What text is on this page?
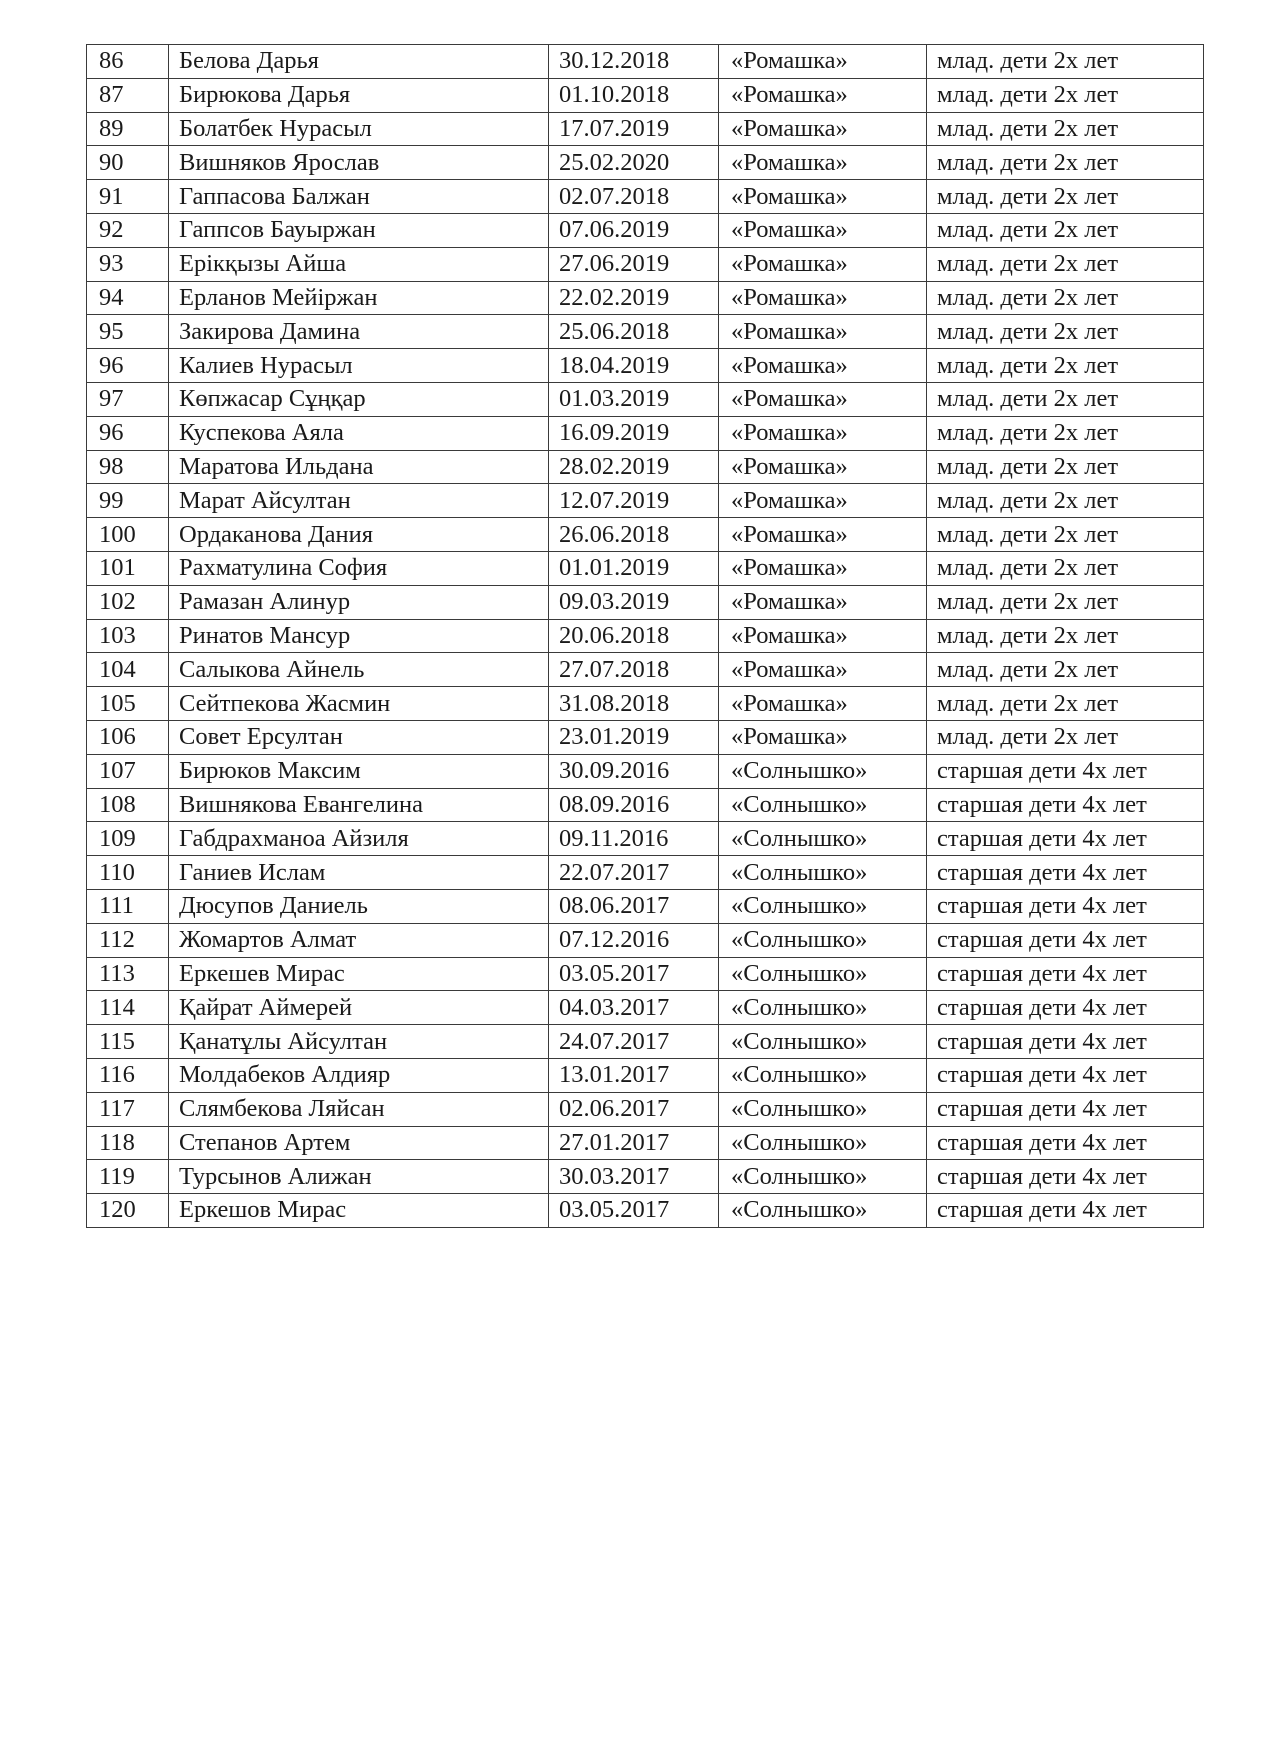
86	Белова Дарья	30.12.2018	«Ромашка»	млад. дети 2х лет
87	Бирюкова Дарья	01.10.2018	«Ромашка»	млад. дети 2х лет
89	Болатбек Нурасыл	17.07.2019	«Ромашка»	млад. дети 2х лет
90	Вишняков Ярослав	25.02.2020	«Ромашка»	млад. дети 2х лет
91	Гаппасова Балжан	02.07.2018	«Ромашка»	млад. дети 2х лет
92	Гаппсов Бауыржан	07.06.2019	«Ромашка»	млад. дети 2х лет
93	Ерікқызы Айша	27.06.2019	«Ромашка»	млад. дети 2х лет
94	Ерланов Мейіржан	22.02.2019	«Ромашка»	млад. дети 2х лет
95	Закирова Дамина	25.06.2018	«Ромашка»	млад. дети 2х лет
96	Калиев Нурасыл	18.04.2019	«Ромашка»	млад. дети 2х лет
97	Көпжасар Сұңқар	01.03.2019	«Ромашка»	млад. дети 2х лет
96	Куспекова Аяла	16.09.2019	«Ромашка»	млад. дети 2х лет
98	Маратова Ильдана	28.02.2019	«Ромашка»	млад. дети 2х лет
99	Марат Айсултан	12.07.2019	«Ромашка»	млад. дети 2х лет
100	Ордаканова Дания	26.06.2018	«Ромашка»	млад. дети 2х лет
101	Рахматулина София	01.01.2019	«Ромашка»	млад. дети 2х лет
102	Рамазан Алинур	09.03.2019	«Ромашка»	млад. дети 2х лет
103	Ринатов Мансур	20.06.2018	«Ромашка»	млад. дети 2х лет
104	Салыкова Айнель	27.07.2018	«Ромашка»	млад. дети 2х лет
105	Сейтпекова Жасмин	31.08.2018	«Ромашка»	млад. дети 2х лет
106	Совет Ерсултан	23.01.2019	«Ромашка»	млад. дети 2х лет
107	Бирюков Максим	30.09.2016	«Солнышко»	старшая дети 4х лет
108	Вишнякова Евангелина	08.09.2016	«Солнышко»	старшая дети 4х лет
109	Габдрахманоа Айзиля	09.11.2016	«Солнышко»	старшая дети 4х лет
110	Ганиев Ислам	22.07.2017	«Солнышко»	старшая дети 4х лет
111	Дюсупов Даниель	08.06.2017	«Солнышко»	старшая дети 4х лет
112	Жомартов Алмат	07.12.2016	«Солнышко»	старшая дети 4х лет
113	Еркешев Мирас	03.05.2017	«Солнышко»	старшая дети 4х лет
114	Қайрат Аймерей	04.03.2017	«Солнышко»	старшая дети 4х лет
115	Қанатұлы Айсултан	24.07.2017	«Солнышко»	старшая дети 4х лет
116	Молдабеков Алдияр	13.01.2017	«Солнышко»	старшая дети 4х лет
117	Слямбекова Ляйсан	02.06.2017	«Солнышко»	старшая дети 4х лет
118	Степанов Артем	27.01.2017	«Солнышко»	старшая дети 4х лет
119	Турсынов Алижан	30.03.2017	«Солнышко»	старшая дети 4х лет
120	Еркешов Мирас	03.05.2017	«Солнышко»	старшая дети 4х лет
